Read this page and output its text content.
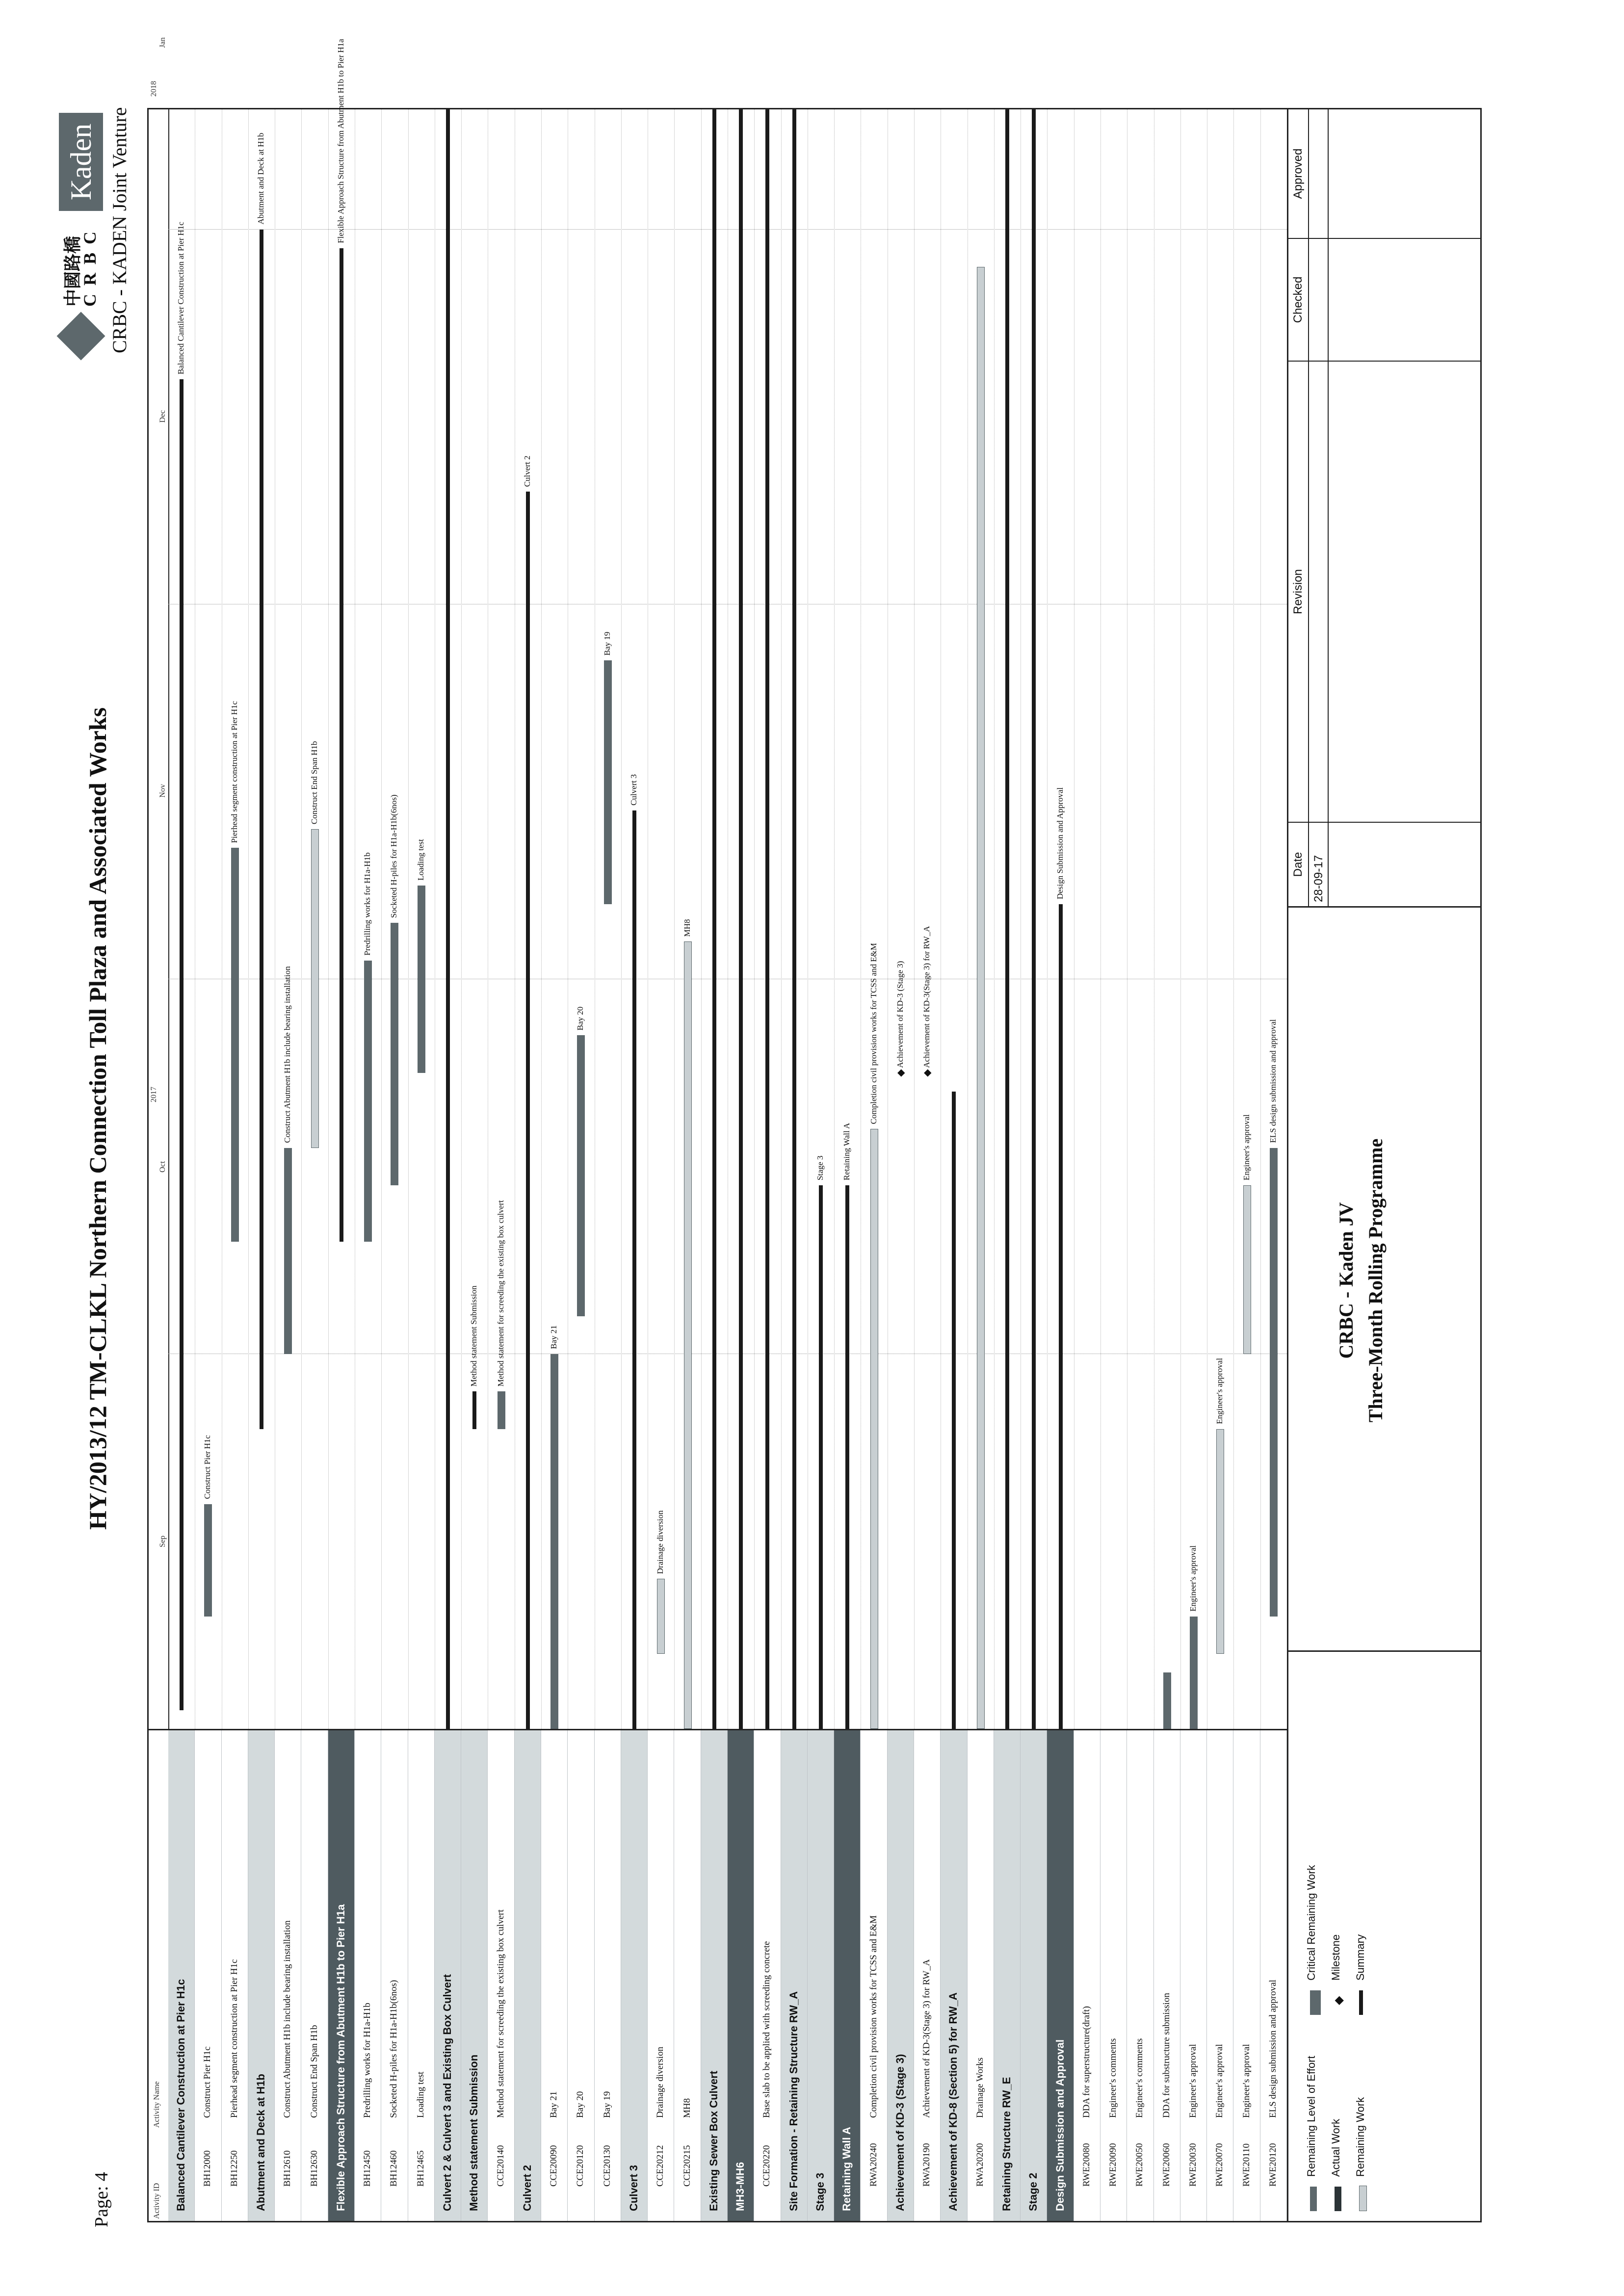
Page: 4
HY/2013/12 TM-CLKL Northern Connection Toll Plaza and Associated Works
中國路橋
C R B C
Kaden CRBC - KADEN Joint Venture
Activity ID
Activity Name
2017
2018
Sep
Oct
Nov
Dec
Jan
Balanced Cantilever Construction at Pier H1c
Balanced Cantilever Construction at Pier H1c
BH12000
Construct Pier H1c
Construct Pier H1c
BH12250
Pierhead segment construction at Pier H1c
Pierhead segment construction at Pier H1c
Abutment and Deck at H1b
Abutment and Deck at H1b
BH12610
Construct Abutment H1b include bearing installation
Construct Abutment H1b include bearing installation
BH12630
Construct End Span H1b
Construct End Span H1b
Flexible Approach Structure from Abutment H1b to Pier H1a
Flexible Approach Structure from Abutment H1b to Pier H1a
BH12450
Predrilling works for H1a-H1b
Predrilling works for H1a-H1b
BH12460
Socketed H-piles for H1a-H1b(6nos)
Socketed H-piles for H1a-H1b(6nos)
BH12465
Loading test
Loading test
Culvert 2 & Culvert 3 and Existing Box Culvert Method statement Submission
Method statement Submission
CCE20140
Method statement for screeding the existing box culvert
Method statement for screeding the existing box culvert
Culvert 2
Culvert 2
CCE20090
Bay 21
Bay 21
CCE20120
Bay 20
Bay 20
CCE20130
Bay 19
Bay 19
Culvert 3
Culvert 3
CCE20212
Drainage diversion
Drainage diversion
CCE20215
MH8
MH8
Existing Sewer Box Culvert MH3-MH6 CCE20220
Base slab to be applied with screeding concrete Site Formation - Retaining Structure RW_A Stage 3
Stage 3
Retaining Wall A
Retaining Wall A
RWA20240
Completion civil provision works for TCSS and E&M
Completion civil provision works for TCSS and E&M
Achievement of KD-3 (Stage 3)
◆
Achievement of KD-3 (Stage 3)
RWA20190
Achievement of KD-3(Stage 3) for RW_A
◆
Achievement of KD-3(Stage 3) for RW_A
Achievement of KD-8 (Section 5) for RW_A RWA20200
Drainage Works Retaining Structure RW_E Stage 2 Design Submission and Approval
Design Submission and Approval
RWE20080
DDA for superstructure(draft)
RWE20090
Engineer's comments
RWE20050
Engineer's comments
RWE20060
DDA for substructure submission
RWE20030
Engineer's approval
Engineer's approval
RWE20070
Engineer's approval
Engineer's approval
RWE20110
Engineer's approval
Engineer's approval
RWE20120
ELS design submission and approval
ELS design submission and approval
Remaining Level of Effort Actual Work Remaining Work
Critical Remaining Work
◆
Milestone Summary
CRBC - Kaden JV Three-Month Rolling Programme
Date
Revision
Checked
Approved
28-09-17
